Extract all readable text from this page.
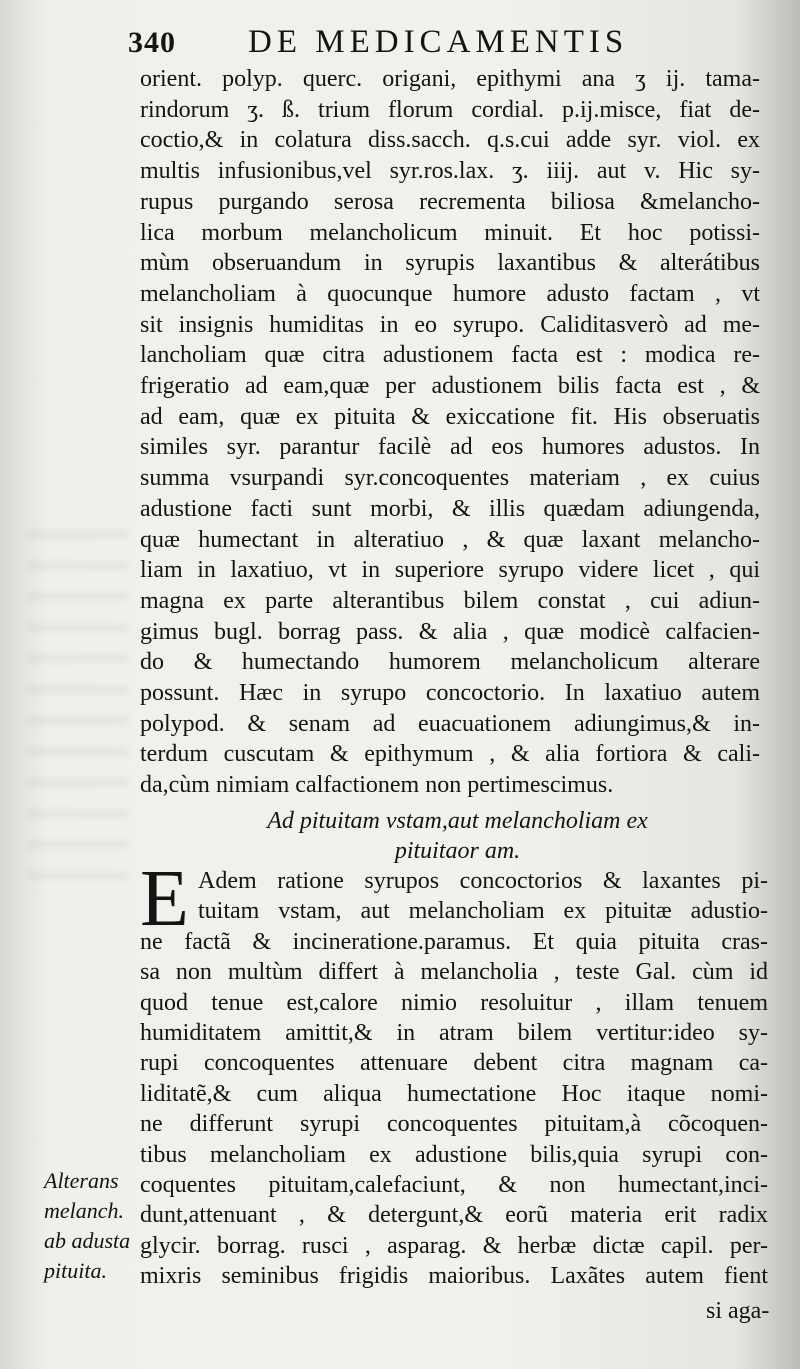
340 DE MEDICAMENTIS
orient. polyp. querc. origani, epithymi ana ʒ ij. tama-
rindorum ʒ. ß. trium florum cordial. p.ij.misce, fiat de-
coctio,& in colatura diss.sacch. q.s.cui adde syr. viol. ex
multis infusionibus,vel syr.ros.lax. ʒ. iiij. aut v. Hic sy-
rupus purgando serosa recrementa biliosa &melancho-
lica morbum melancholicum minuit. Et hoc potissi-
mùm obseruandum in syrupis laxantibus & alterátibus
melancholiam à quocunque humore adusto factam , vt
sit insignis humiditas in eo syrupo. Caliditasverò ad me-
lancholiam quæ citra adustionem facta est : modica re-
frigeratio ad eam,quæ per adustionem bilis facta est , &
ad eam, quæ ex pituita & exiccatione fit. His obseruatis
similes syr. parantur facilè ad eos humores adustos. In
summa vsurpandi syr.concoquentes materiam , ex cuius
adustione facti sunt morbi, & illis quædam adiungenda,
quæ humectant in alteratiuo , & quæ laxant melancho-
liam in laxatiuo, vt in superiore syrupo videre licet , qui
magna ex parte alterantibus bilem constat , cui adiun-
gimus bugl. borrag pass. & alia , quæ modicè calfacien-
do & humectando humorem melancholicum alterare
possunt. Hæc in syrupo concoctorio. In laxatiuo autem
polypod. & senam ad euacuationem adiungimus,& in-
terdum cuscutam & epithymum , & alia fortiora & cali-
da,cùm nimiam calfactionem non pertimescimus.
Ad pituitam vstam,aut melancholiam ex
pituitaor am.
E Adem ratione syrupos concoctorios & laxantes pi-
tuitam vstam, aut melancholiam ex pituitæ adustio-
ne factã & incineratione.paramus. Et quia pituita cras-
sa non multùm differt à melancholia , teste Gal. cùm id
quod tenue est,calore nimio resoluitur , illam tenuem
humiditatem amittit,& in atram bilem vertitur:ideo sy-
rupi concoquentes attenuare debent citra magnam ca-
liditatẽ,& cum aliqua humectatione Hoc itaque nomi-
ne differunt syrupi concoquentes pituitam,à cõcoquen-
tibus melancholiam ex adustione bilis,quia syrupi con-
coquentes pituitam,calefaciunt, & non humectant,inci-
dunt,attenuant , & detergunt,& eorũ materia erit radix
glycir. borrag. rusci , asparag. & herbæ dictæ capil. per-
mixris seminibus frigidis maioribus. Laxãtes autem fient
Alterans
melanch.
ab adusta
pituita.
si aga-
